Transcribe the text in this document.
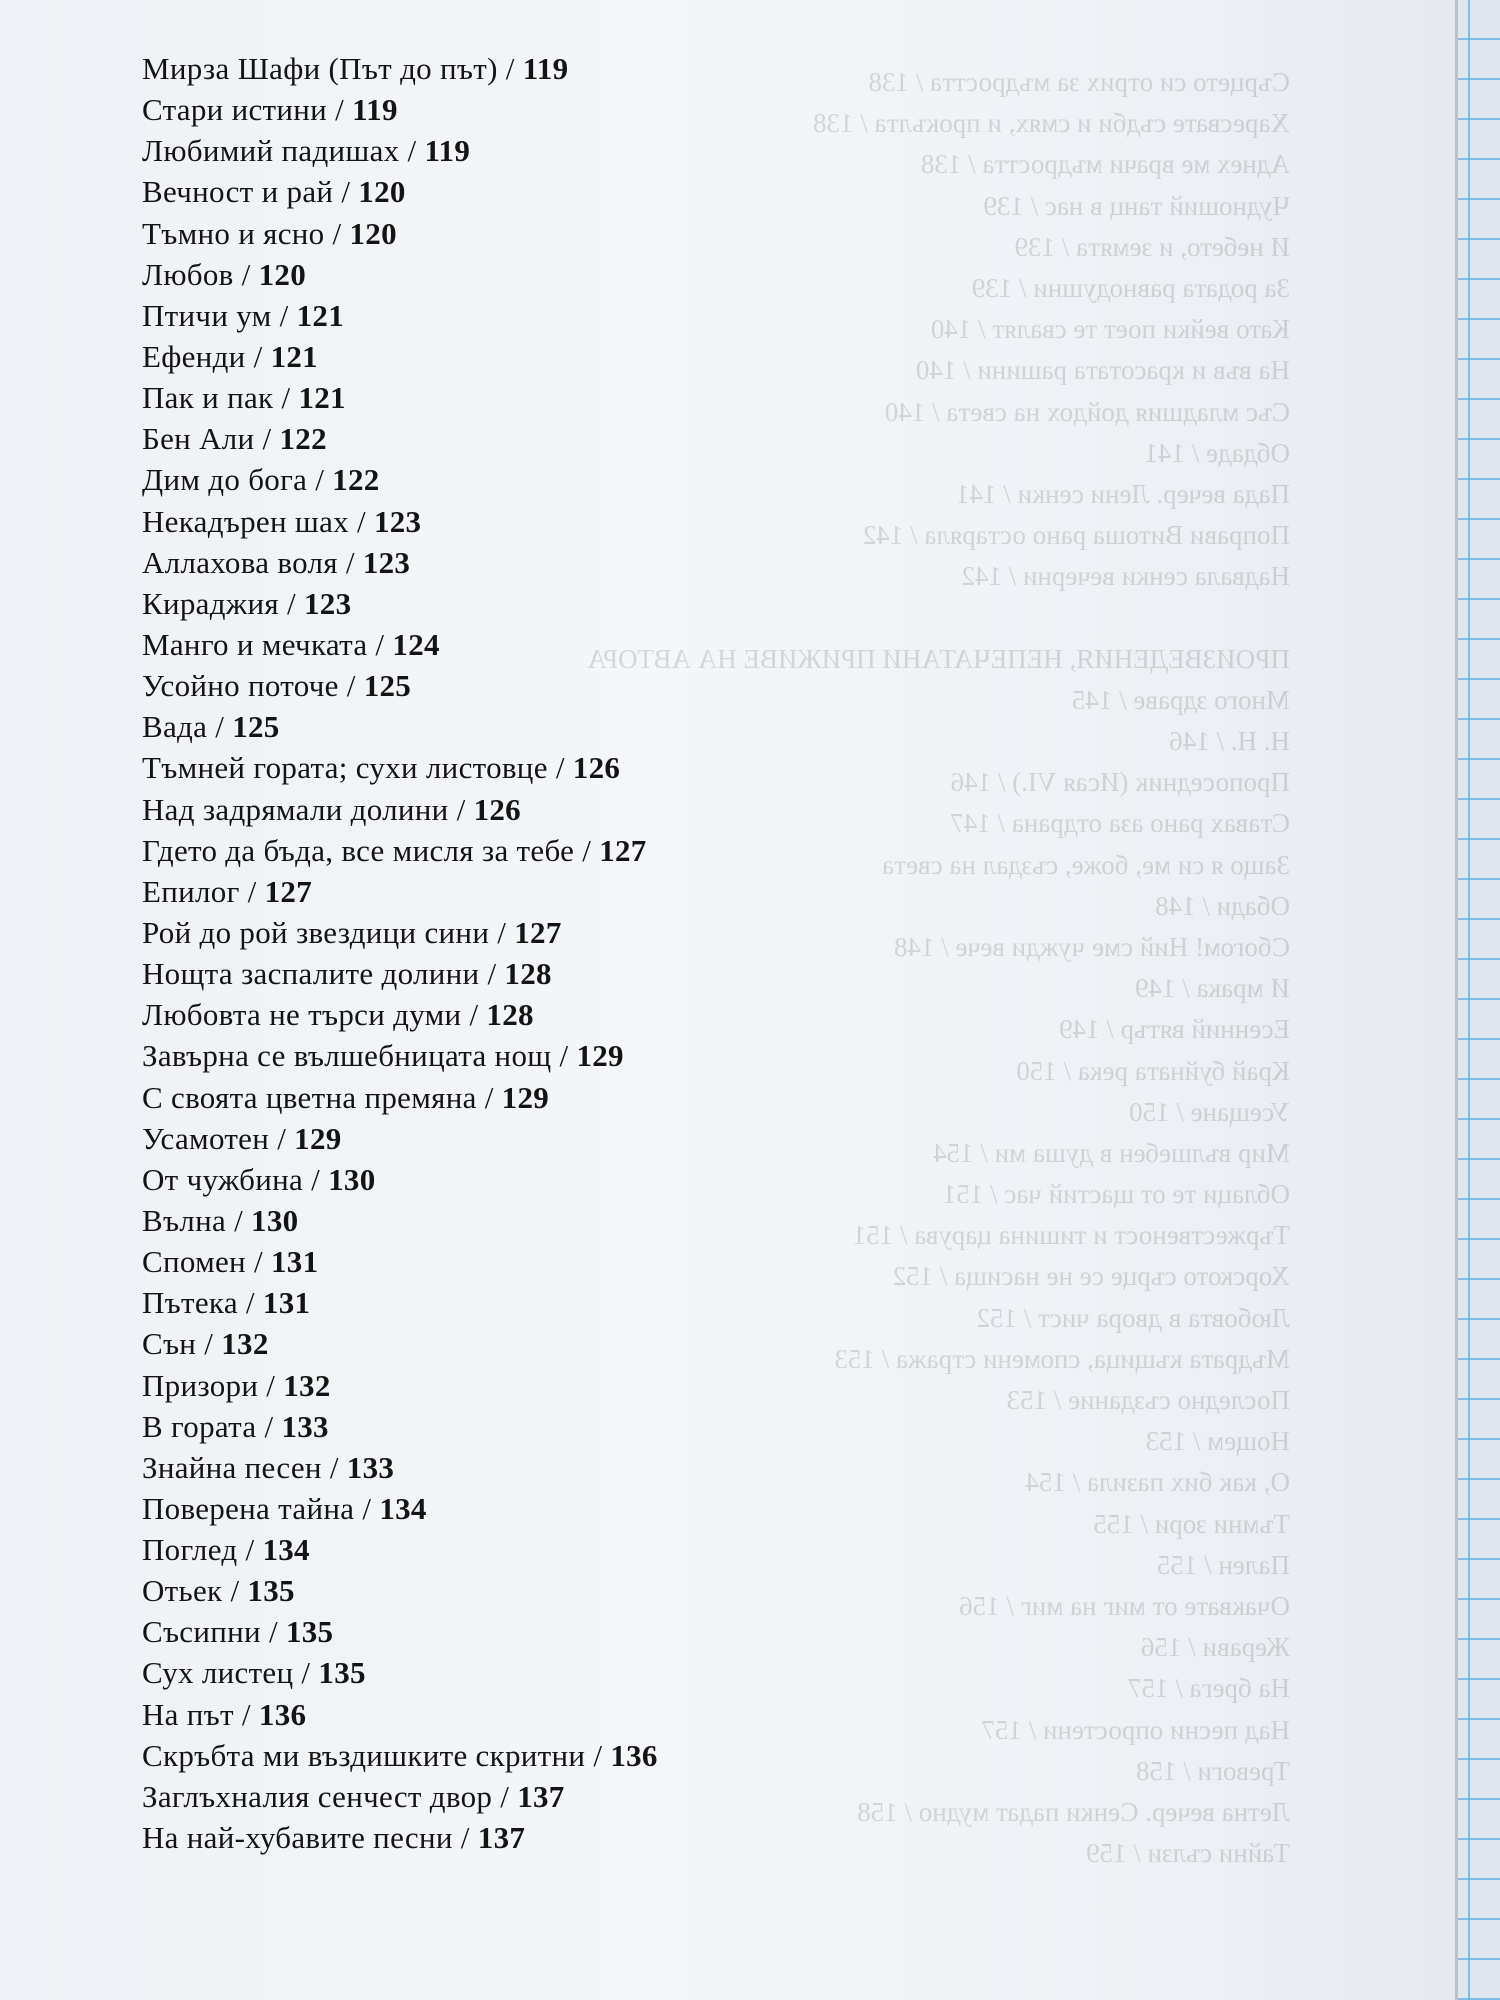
Сърцето си отрих за мъдростта / 138
Харесвате съдби и смях, и прокълта / 138
Аднех ме врачи мъдростта / 138
Чудноший танц в нас / 139
И небето, и земята / 139
За родата равнодушни / 139
Като вейки поет те свалят / 140
На във и красотата рашини / 140
Със младшия дойдох на света / 140
Обдаде / 141
Пада вечер. Лени сенки / 141
Поправи Витоша рано остаряла / 142
Надвала сенки вечерни / 142
ПРОИЗВЕДЕНИЯ, НЕПЕЧАТАНИ ПРИЖИВЕ НА АВТОРА
Много здраве / 145
Н. Н. / 146
Пропоседник (Исая VI.) / 146
Ставах рано аза отдрана / 147
Защо я си ме, боже, създал на света
Обади / 148
Сбогом! Ний сме чужди вече / 148
И мрака / 149
Есенний вятър / 149
Край буйната река / 150
Усещане / 150
Мир вълшебен в душа ми / 154
Облаци те от щастий час / 151
Тържественост и тишина царува / 151
Хорското сърце се не насища / 152
Любовта в двора чист / 152
Мъдрата къщица, спомени стража / 153
Последно създание / 153
Нощем / 153
О, как бих пазила / 154
Тъмни зори / 155
Пален / 155
Очаквате от миг на миг / 156
Жерави / 156
На брега / 157
Над песни опростени / 157
Тревоги / 158
Летна вечер. Сенки падат мудно / 158
Тайни сълзи / 159
Мирза Шафи (Път до път) / 119
Стари истини / 119
Любимий падишах / 119
Вечност и рай / 120
Тъмно и ясно / 120
Любов / 120
Птичи ум / 121
Ефенди / 121
Пак и пак / 121
Бен Али / 122
Дим до бога / 122
Некадърен шах / 123
Аллахова воля / 123
Кираджия / 123
Манго и мечката / 124
Усойно поточе / 125
Вада / 125
Тъмней гората; сухи листовце / 126
Над задрямали долини / 126
Гдето да бъда, все мисля за тебе / 127
Епилог / 127
Рой до рой звездици сини / 127
Нощта заспалите долини / 128
Любовта не търси думи / 128
Завърна се вълшебницата нощ / 129
С своята цветна премяна / 129
Усамотен / 129
От чужбина / 130
Вълна / 130
Спомен / 131
Пътека / 131
Сън / 132
Призори / 132
В гората / 133
Знайна песен / 133
Поверена тайна / 134
Поглед / 134
Отьек / 135
Съсипни / 135
Сух листец / 135
На път / 136
Скръбта ми въздишките скритни / 136
Заглъхналия сенчест двор / 137
На най-хубавите песни / 137
